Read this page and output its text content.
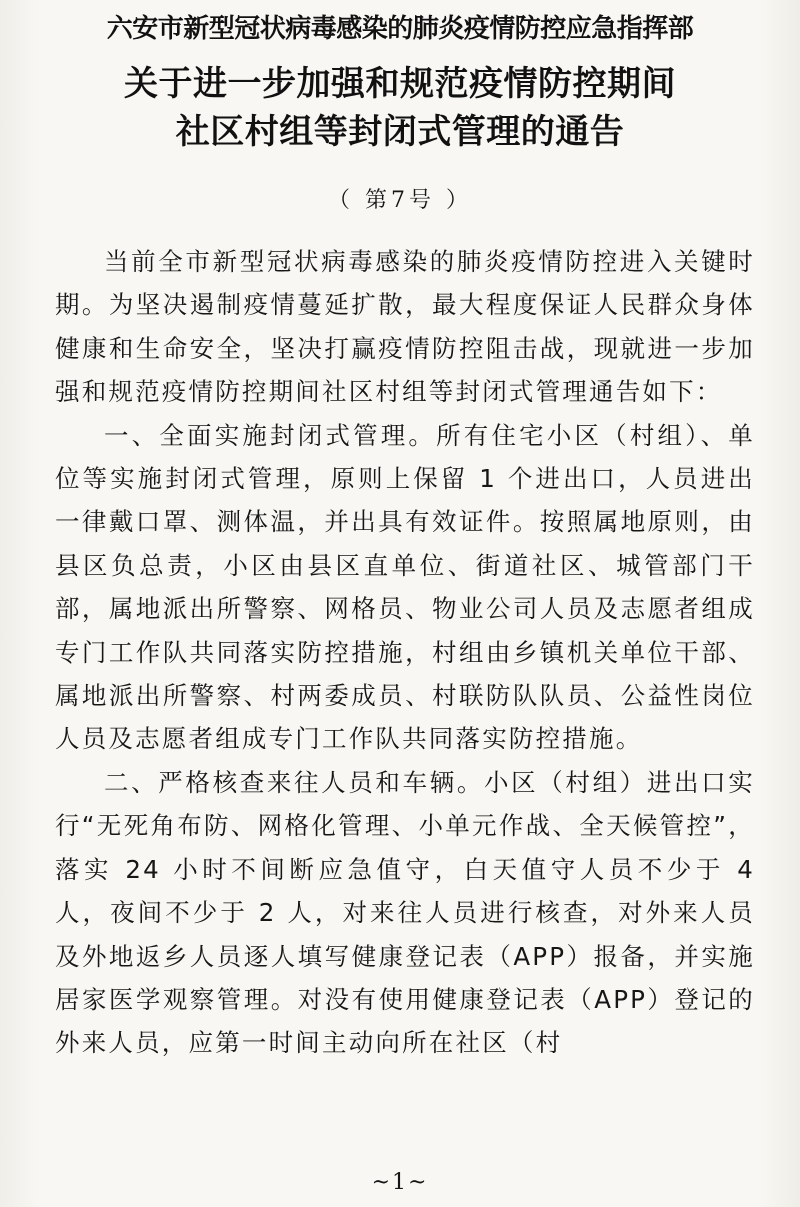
六安市新型冠状病毒感染的肺炎疫情防控应急指挥部
关于进一步加强和规范疫情防控期间
社区村组等封闭式管理的通告
（ 第7号 ）

当前全市新型冠状病毒感染的肺炎疫情防控进入关键时期。为坚决遏制疫情蔓延扩散，最大程度保证人民群众身体健康和生命安全，坚决打赢疫情防控阻击战，现就进一步加强和规范疫情防控期间社区村组等封闭式管理通告如下：

一、全面实施封闭式管理。所有住宅小区（村组）、单位等实施封闭式管理，原则上保留 1 个进出口，人员进出一律戴口罩、测体温，并出具有效证件。按照属地原则，由县区负总责，小区由县区直单位、街道社区、城管部门干部，属地派出所警察、网格员、物业公司人员及志愿者组成专门工作队共同落实防控措施，村组由乡镇机关单位干部、属地派出所警察、村两委成员、村联防队队员、公益性岗位人员及志愿者组成专门工作队共同落实防控措施。

二、严格核查来往人员和车辆。小区（村组）进出口实行“无死角布防、网格化管理、小单元作战、全天候管控”，落实 24 小时不间断应急值守，白天值守人员不少于 4 人，夜间不少于 2 人，对来往人员进行核查，对外来人员及外地返乡人员逐人填写健康登记表（APP）报备，并实施居家医学观察管理。对没有使用健康登记表（APP）登记的外来人员，应第一时间主动向所在社区（村

~1~
